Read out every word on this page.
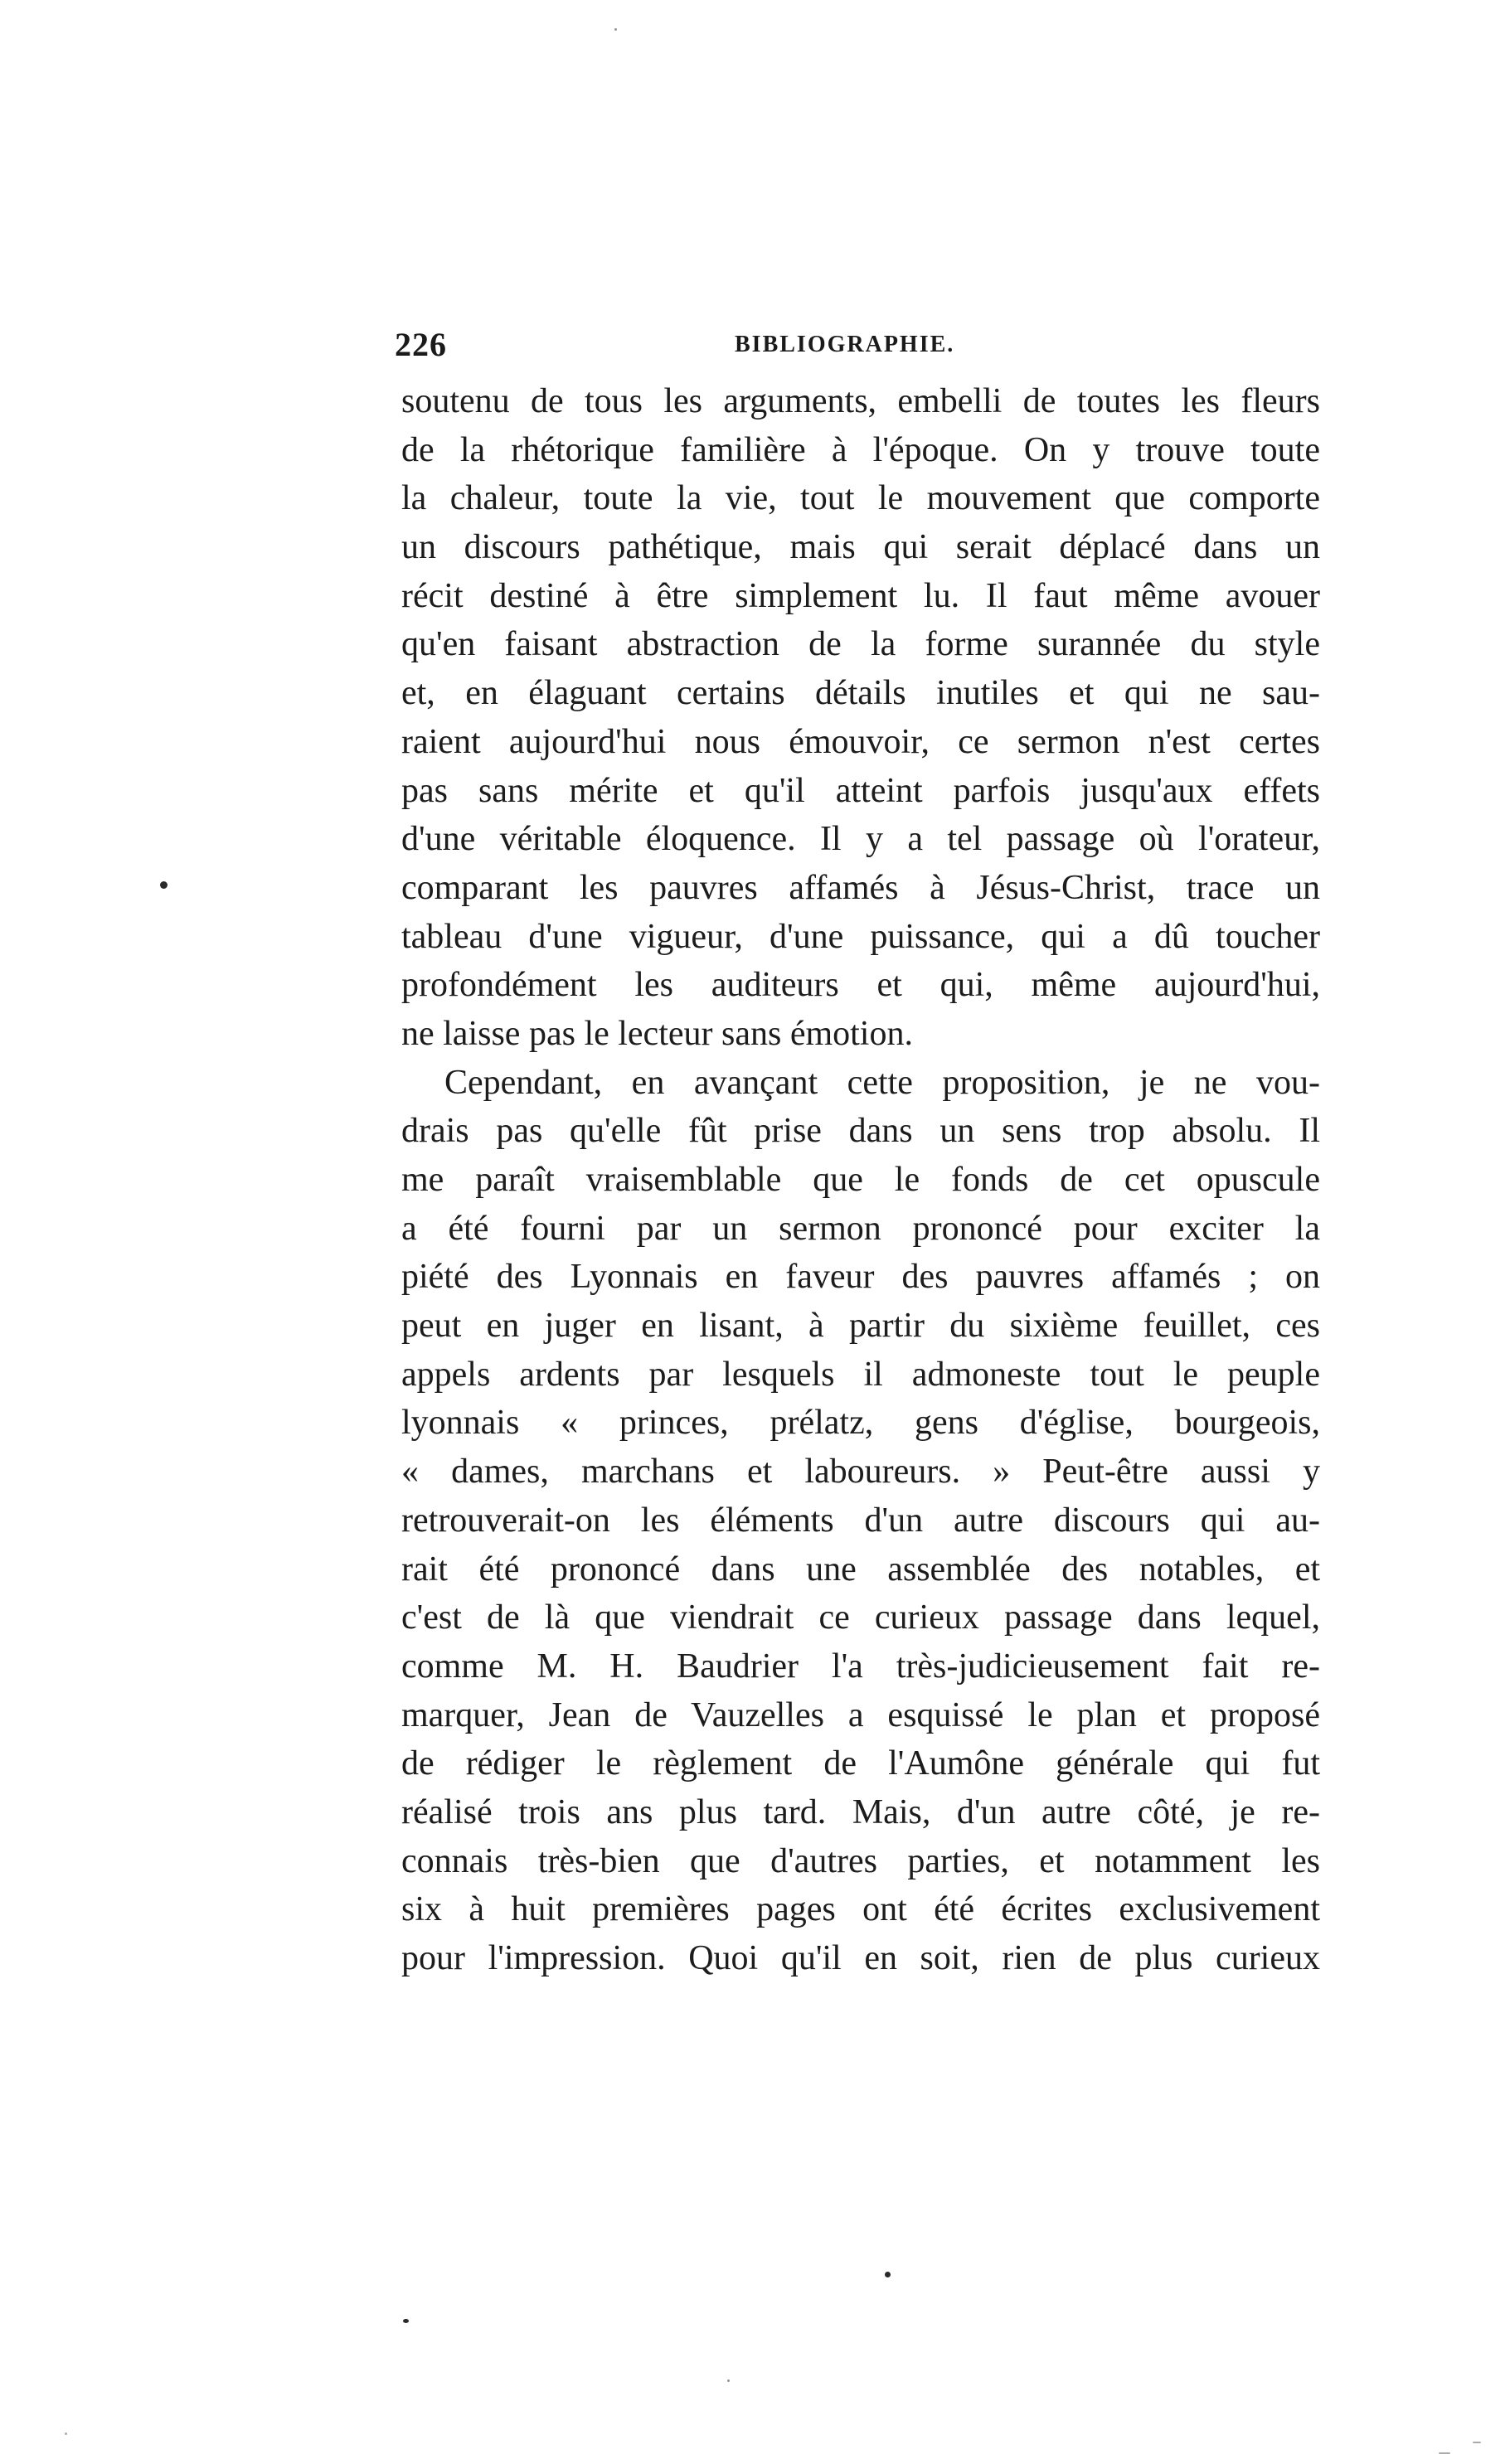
226	BIBLIOGRAPHIE.
soutenu de tous les arguments, embelli de toutes les fleurs
de la rhétorique familière à l'époque. On y trouve toute
la chaleur, toute la vie, tout le mouvement que comporte
un discours pathétique, mais qui serait déplacé dans un
récit destiné à être simplement lu. Il faut même avouer
qu'en faisant abstraction de la forme surannée du style
et, en élaguant certains détails inutiles et qui ne sau-
raient aujourd'hui nous émouvoir, ce sermon n'est certes
pas sans mérite et qu'il atteint parfois jusqu'aux effets
d'une véritable éloquence. Il y a tel passage où l'orateur,
comparant les pauvres affamés à Jésus-Christ, trace un
tableau d'une vigueur, d'une puissance, qui a dû toucher
profondément les auditeurs et qui, même aujourd'hui,
ne laisse pas le lecteur sans émotion.
Cependant, en avançant cette proposition, je ne vou-
drais pas qu'elle fût prise dans un sens trop absolu. Il
me paraît vraisemblable que le fonds de cet opuscule
a été fourni par un sermon prononcé pour exciter la
piété des Lyonnais en faveur des pauvres affamés ; on
peut en juger en lisant, à partir du sixième feuillet, ces
appels ardents par lesquels il admoneste tout le peuple
lyonnais « princes, prélatz, gens d'église, bourgeois,
« dames, marchans et laboureurs. » Peut-être aussi y
retrouverait-on les éléments d'un autre discours qui au-
rait été prononcé dans une assemblée des notables, et
c'est de là que viendrait ce curieux passage dans lequel,
comme M. H. Baudrier l'a très-judicieusement fait re-
marquer, Jean de Vauzelles a esquissé le plan et proposé
de rédiger le règlement de l'Aumône générale qui fut
réalisé trois ans plus tard. Mais, d'un autre côté, je re-
connais très-bien que d'autres parties, et notamment les
six à huit premières pages ont été écrites exclusivement
pour l'impression. Quoi qu'il en soit, rien de plus curieux
